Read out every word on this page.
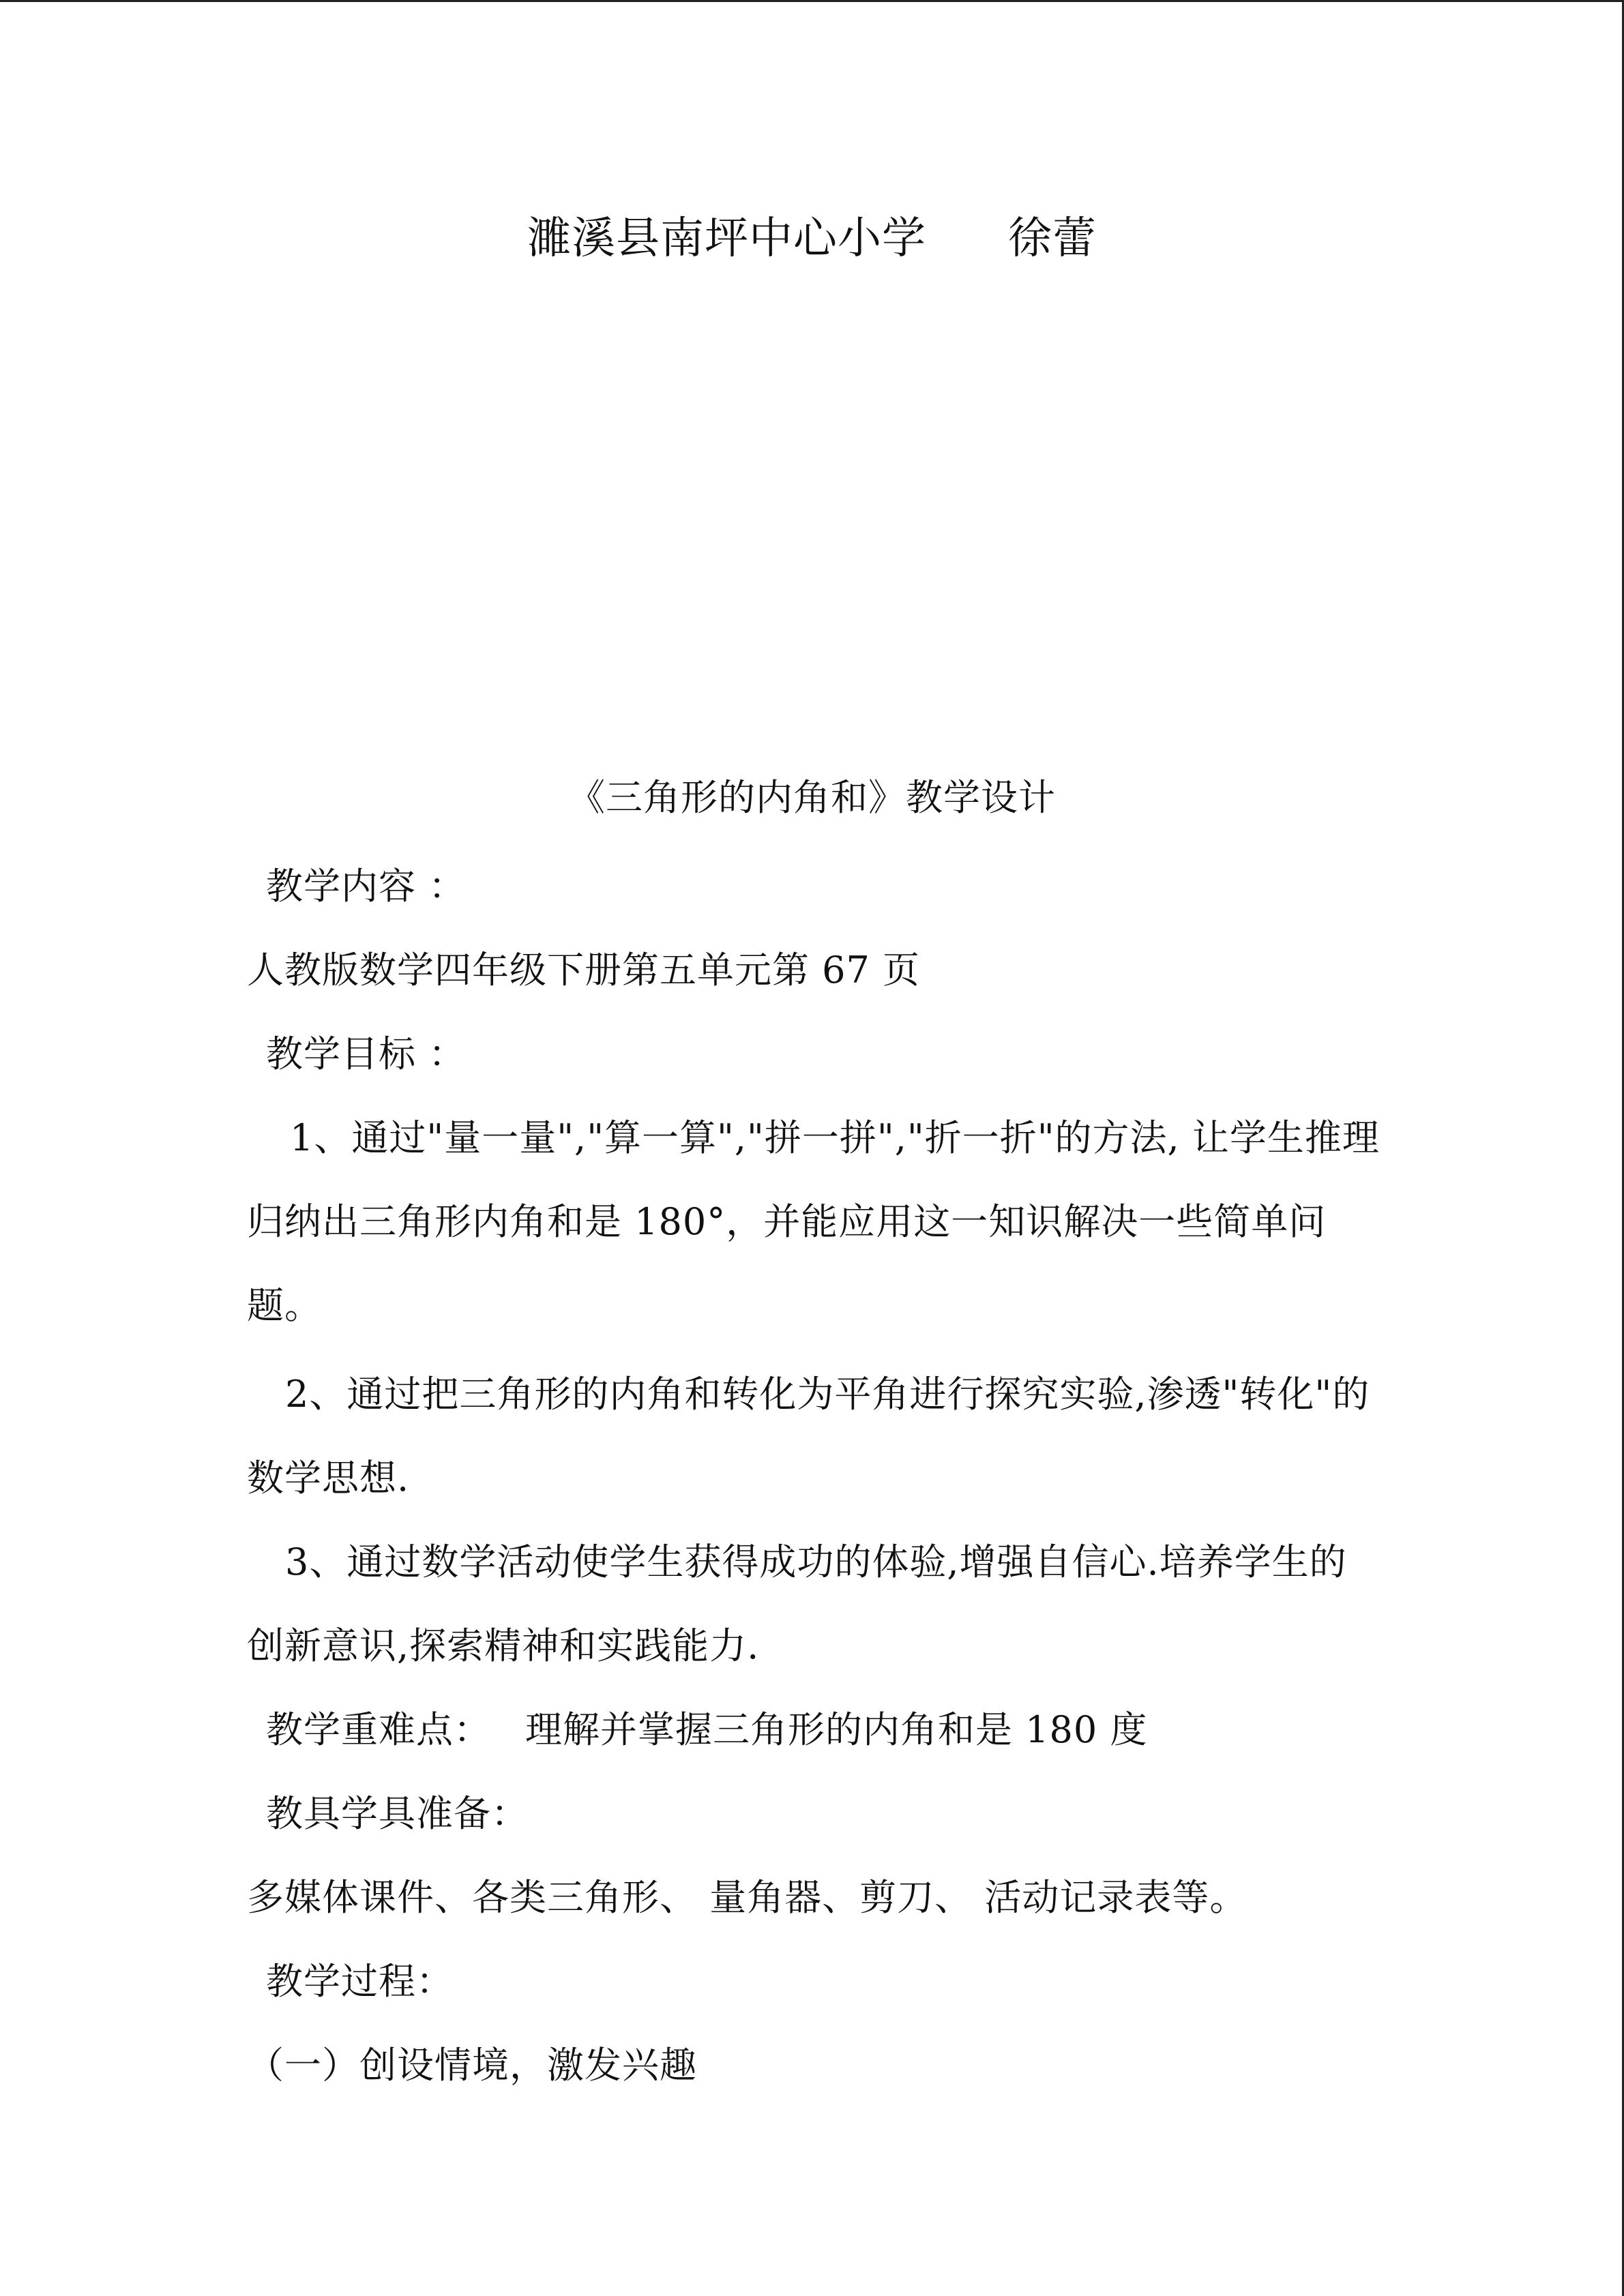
濉溪县南坪中心小学 徐蕾
《三角形的内角和》教学设计
教学内容 ：
人教版数学四年级下册第五单元第 67 页
教学目标 ：
1、通过"量一量","算一算","拼一拼","折一折"的方法, 让学生推理
归纳出三角形内角和是 180°，并能应用这一知识解决一些简单问
题。
2、通过把三角形的内角和转化为平角进行探究实验,渗透"转化"的
数学思想.
3、通过数学活动使学生获得成功的体验,增强自信心.培养学生的
创新意识,探索精神和实践能力.
教学重难点： 理解并掌握三角形的内角和是 180 度
教具学具准备：
多媒体课件、各类三角形、 量角器、剪刀、 活动记录表等。
教学过程：
（一）创设情境，激发兴趣
